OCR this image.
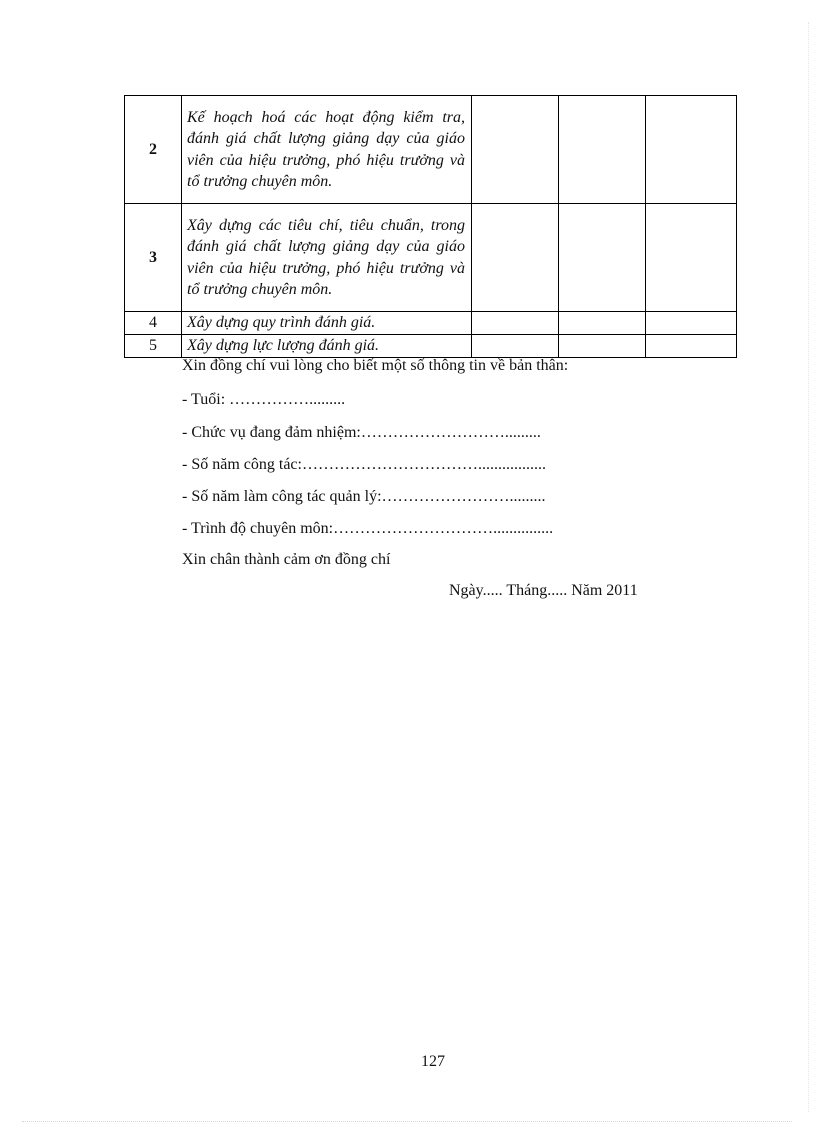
2	Kế hoạch hoá các hoạt động kiểm tra, đánh giá chất lượng giảng dạy của giáo viên của hiệu trưởng, phó hiệu trưởng và tổ trưởng chuyên môn.			
3	Xây dựng các tiêu chí, tiêu chuẩn, trong đánh giá chất lượng giảng dạy của giáo viên của hiệu trưởng, phó hiệu trưởng và tổ trưởng chuyên môn.			
4	Xây dựng quy trình đánh giá.			
5	Xây dựng lực lượng đánh giá.			
Xin đồng chí vui lòng cho biết một số thông tin về bản thân:
- Tuổi: …………….........
- Chức vụ đang đảm nhiệm:……………………….........
- Số năm công tác:…………………………….................
- Số năm làm công tác quản lý:…………………….........
- Trình độ chuyên môn:…………………………...............
Xin chân thành cảm ơn đồng chí
Ngày..... Tháng..... Năm 2011
127
